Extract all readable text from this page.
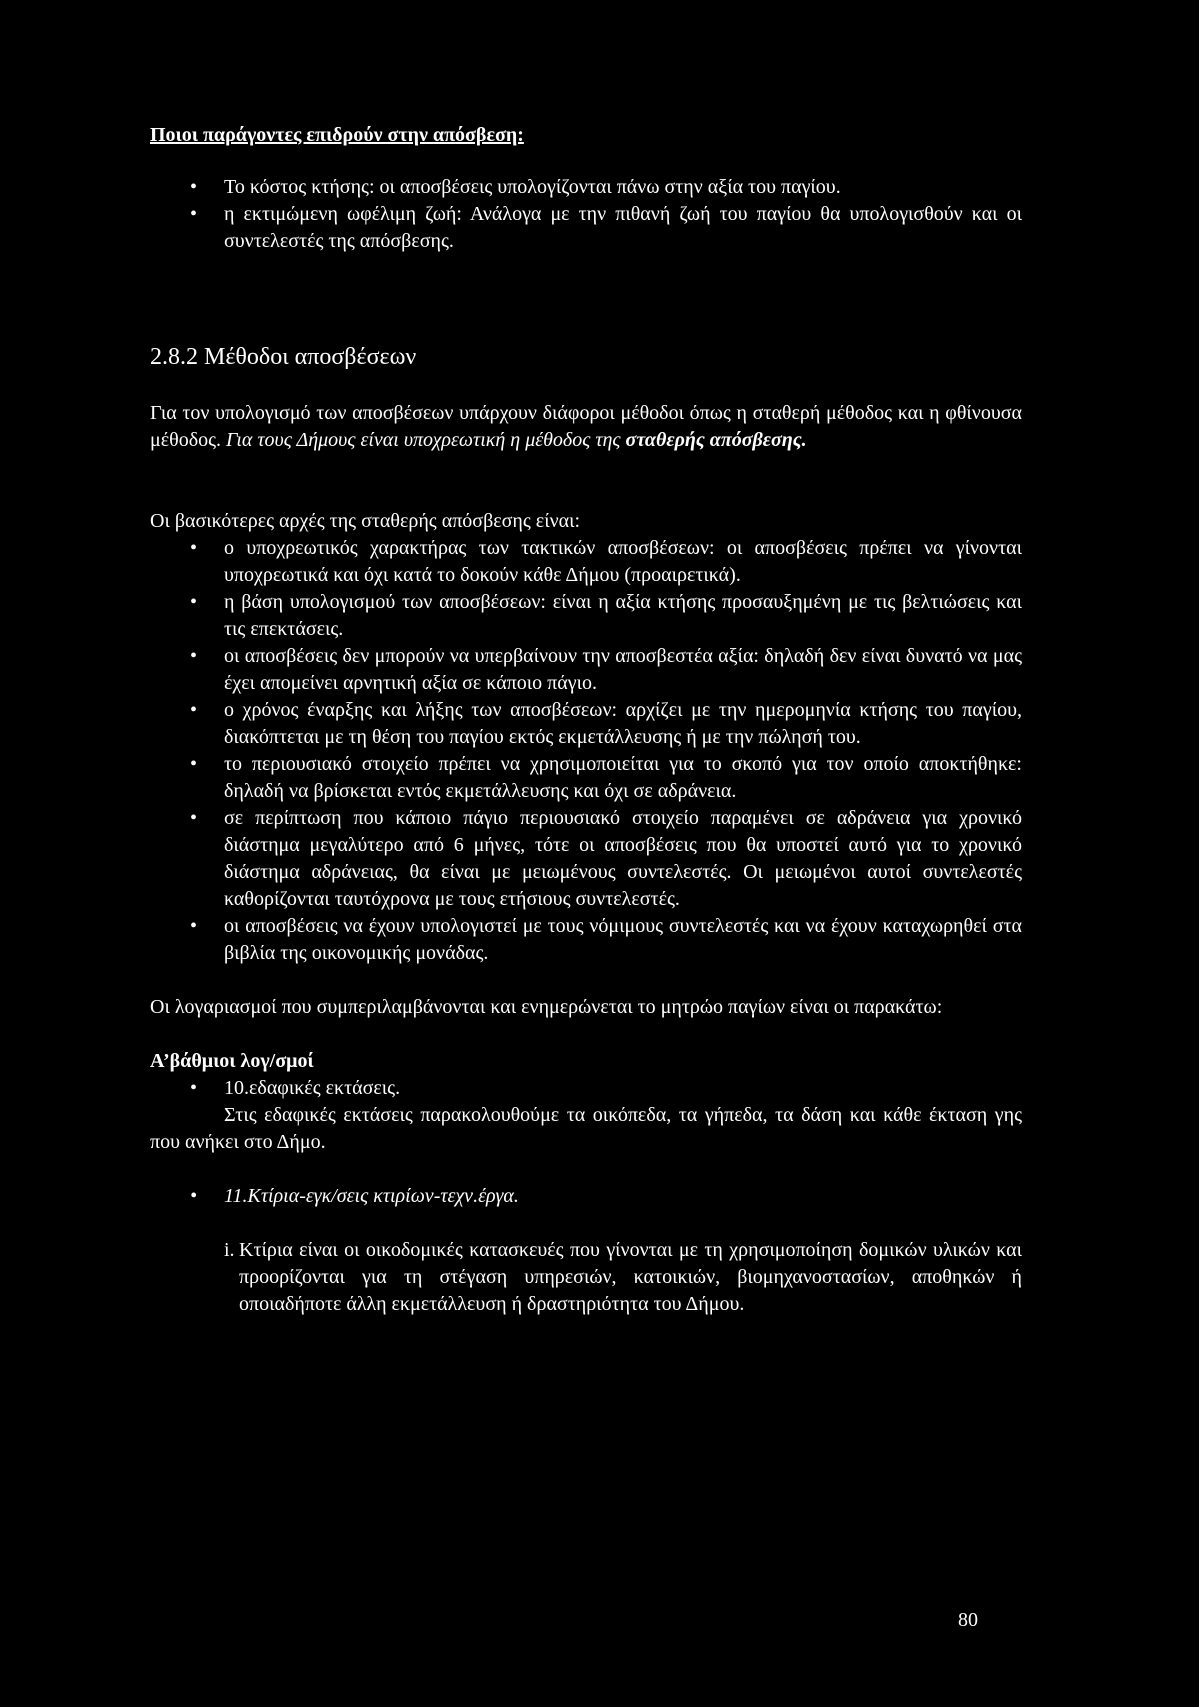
Ποιοι παράγοντες επιδρούν στην απόσβεση:

• Το κόστος κτήσης: οι αποσβέσεις υπολογίζονται πάνω στην αξία του παγίου.
• η εκτιμώμενη ωφέλιμη ζωή: Ανάλογα με την πιθανή ζωή του παγίου θα υπολογισθούν και οι συντελεστές της απόσβεσης.

2.8.2 Μέθοδοι αποσβέσεων

Για τον υπολογισμό των αποσβέσεων υπάρχουν διάφοροι μέθοδοι όπως η σταθερή μέθοδος και η φθίνουσα μέθοδος. Για τους Δήμους είναι υποχρεωτική η μέθοδος της σταθερής απόσβεσης.

Οι βασικότερες αρχές της σταθερής απόσβεσης είναι:

• ο υποχρεωτικός χαρακτήρας των τακτικών αποσβέσεων: οι αποσβέσεις πρέπει να γίνονται υποχρεωτικά και όχι κατά το δοκούν κάθε Δήμου (προαιρετικά).
• η βάση υπολογισμού των αποσβέσεων: είναι η αξία κτήσης προσαυξημένη με τις βελτιώσεις και τις επεκτάσεις.
• οι αποσβέσεις δεν μπορούν να υπερβαίνουν την αποσβεστέα αξία: δηλαδή δεν είναι δυνατό να μας έχει απομείνει αρνητική αξία σε κάποιο πάγιο.
• ο χρόνος έναρξης και λήξης των αποσβέσεων: αρχίζει με την ημερομηνία κτήσης του παγίου, διακόπτεται με τη θέση του παγίου εκτός εκμετάλλευσης ή με την πώλησή του.
• το περιουσιακό στοιχείο πρέπει να χρησιμοποιείται για το σκοπό για τον οποίο αποκτήθηκε: δηλαδή να βρίσκεται εντός εκμετάλλευσης και όχι σε αδράνεια.
• σε περίπτωση που κάποιο πάγιο περιουσιακό στοιχείο παραμένει σε αδράνεια για χρονικό διάστημα μεγαλύτερο από 6 μήνες, τότε οι αποσβέσεις που θα υποστεί αυτό για το χρονικό διάστημα αδράνειας, θα είναι με μειωμένους συντελεστές. Οι μειωμένοι αυτοί συντελεστές καθορίζονται ταυτόχρονα με τους ετήσιους συντελεστές.
• οι αποσβέσεις να έχουν υπολογιστεί με τους νόμιμους συντελεστές και να έχουν καταχωρηθεί στα βιβλία της οικονομικής μονάδας.

Οι λογαριασμοί που συμπεριλαμβάνονται και ενημερώνεται το μητρώο παγίων είναι οι παρακάτω:

Α’βάθμιοι λογ/σμοί

• 10.εδαφικές εκτάσεις.

Στις εδαφικές εκτάσεις παρακολουθούμε τα οικόπεδα, τα γήπεδα, τα δάση και κάθε έκταση γης που ανήκει στο Δήμο.

• 11.Κτίρια-εγκ/σεις κτιρίων-τεχν.έργα.
i. Κτίρια είναι οι οικοδομικές κατασκευές που γίνονται με τη χρησιμοποίηση δομικών υλικών και προορίζονται για τη στέγαση υπηρεσιών, κατοικιών, βιομηχανοστασίων, αποθηκών ή οποιαδήποτε άλλη εκμετάλλευση ή δραστηριότητα του Δήμου.
80
